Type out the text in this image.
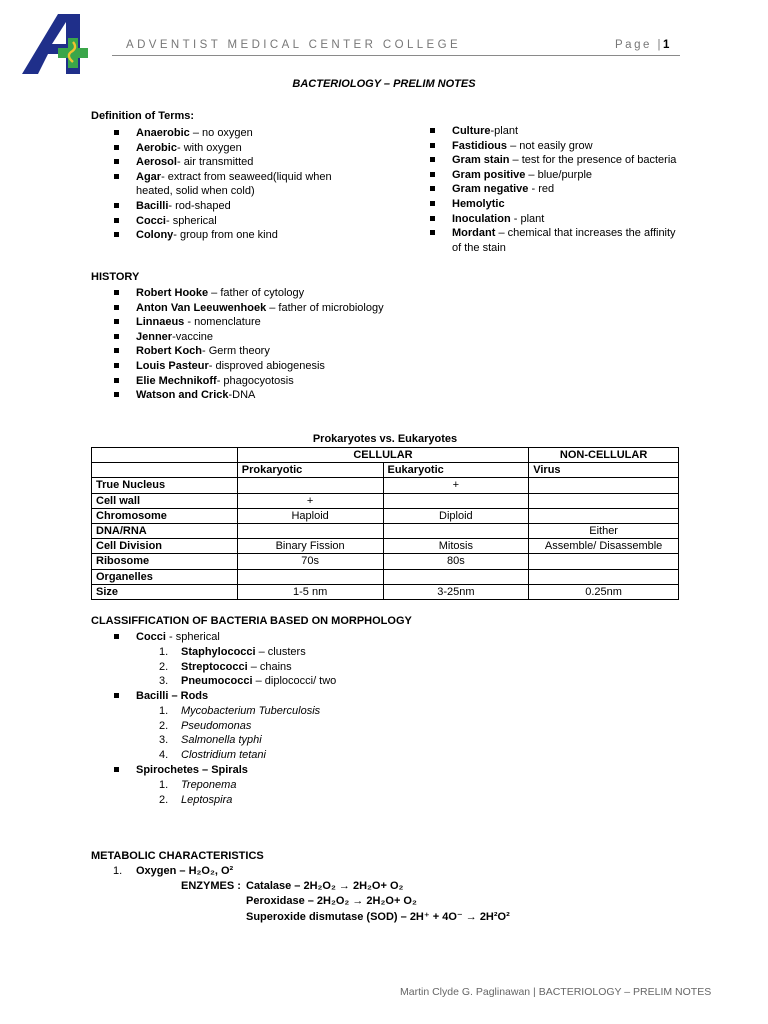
ADVENTIST MEDICAL CENTER COLLEGE	Page |1
BACTERIOLOGY – PRELIM NOTES
Definition of Terms:
Anaerobic – no oxygen
Aerobic- with oxygen
Aerosol- air transmitted
Agar- extract from seaweed(liquid when heated, solid when cold)
Bacilli- rod-shaped
Cocci- spherical
Colony- group from one kind
Culture-plant
Fastidious – not easily grow
Gram stain – test for the presence of bacteria
Gram positive – blue/purple
Gram negative - red
Hemolytic
Inoculation - plant
Mordant – chemical that increases the affinity of the stain
HISTORY
Robert Hooke – father of cytology
Anton Van Leeuwenhoek – father of microbiology
Linnaeus - nomenclature
Jenner-vaccine
Robert Koch- Germ theory
Louis Pasteur- disproved abiogenesis
Elie Mechnikoff- phagocyotosis
Watson and Crick-DNA
Prokaryotes vs. Eukaryotes
	CELLULAR		NON-CELLULAR
	Prokaryotic	Eukaryotic	Virus
True Nucleus		+	
Cell wall	+		
Chromosome	Haploid	Diploid	
DNA/RNA			Either
Cell Division	Binary Fission	Mitosis	Assemble/ Disassemble
Ribosome	70s	80s	
Organelles			
Size	1-5 nm	3-25nm	0.25nm
CLASSIFFICATION OF BACTERIA BASED ON MORPHOLOGY
Cocci - spherical
1. Staphylococci – clusters
2. Streptococci – chains
3. Pneumococci – diplococci/ two
Bacilli – Rods
1. Mycobacterium Tuberculosis
2. Pseudomonas
3. Salmonella typhi
4. Clostridium tetani
Spirochetes – Spirals
1. Treponema
2. Leptospira
METABOLIC CHARACTERISTICS
1. Oxygen – H₂O₂, O²
ENZYMES : Catalase – 2H₂O₂ → 2H₂O+ O₂
Peroxidase – 2H₂O₂ → 2H₂O+ O₂
Superoxide dismutase (SOD) – 2H⁺ + 4O⁻ → 2H²O²
Martin Clyde G. Paglinawan | BACTERIOLOGY – PRELIM NOTES
